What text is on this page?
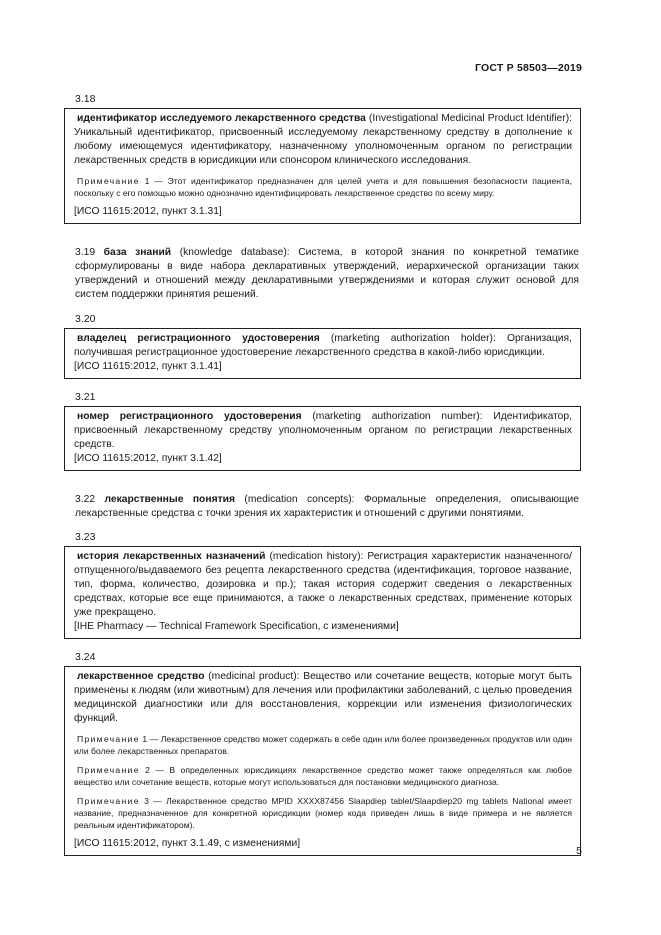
ГОСТ Р 58503—2019
3.18

идентификатор исследуемого лекарственного средства (Investigational Medicinal Product Identifier): Уникальный идентификатор, присвоенный исследуемому лекарственному средству в дополнение к любому имеющемуся идентификатору, назначенному уполномоченным органом по регистрации лекарственных средств в юрисдикции или спонсором клинического исследования.

Примечание 1 — Этот идентификатор предназначен для целей учета и для повышения безопасности пациента, поскольку с его помощью можно однозначно идентифицировать лекарственное средство по всему миру.

[ИСО 11615:2012, пункт 3.1.31]

3.19 база знаний (knowledge database): Система, в которой знания по конкретной тематике сформулированы в виде набора декларативных утверждений, иерархической организации таких утверждений и отношений между декларативными утверждениями и которая служит основой для систем поддержки принятия решений.

3.20

владелец регистрационного удостоверения (marketing authorization holder): Организация, получившая регистрационное удостоверение лекарственного средства в какой-либо юрисдикции.

[ИСО 11615:2012, пункт 3.1.41]

3.21

номер регистрационного удостоверения (marketing authorization number): Идентификатор, присвоенный лекарственному средству уполномоченным органом по регистрации лекарственных средств.

[ИСО 11615:2012, пункт 3.1.42]

3.22 лекарственные понятия (medication concepts): Формальные определения, описывающие лекарственные средства с точки зрения их характеристик и отношений с другими понятиями.

3.23

история лекарственных назначений (medication history): Регистрация характеристик назначенного/отпущенного/выдаваемого без рецепта лекарственного средства (идентификация, торговое название, тип, форма, количество, дозировка и пр.); такая история содержит сведения о лекарственных средствах, которые все еще принимаются, а также о лекарственных средствах, применение которых уже прекращено.

[IHE Pharmacy — Technical Framework Specification, с изменениями]

3.24

лекарственное средство (medicinal product): Вещество или сочетание веществ, которые могут быть применены к людям (или животным) для лечения или профилактики заболеваний, с целью проведения медицинской диагностики или для восстановления, коррекции или изменения физиологических функций.

Примечание 1 — Лекарственное средство может содержать в себе один или более произведенных продуктов или один или более лекарственных препаратов.

Примечание 2 — В определенных юрисдикциях лекарственное средство может также определяться как любое вещество или сочетание веществ, которые могут использоваться для постановки медицинского диагноза.

Примечание 3 — Лекарственное средство MPID XXXX87456 Slaapdiep tablet/Slaapdiep20 mg tablets National имеет название, предназначенное для конкретной юрисдикции (номер кода приведен лишь в виде примера и не является реальным идентификатором).

[ИСО 11615:2012, пункт 3.1.49, с изменениями]

5
